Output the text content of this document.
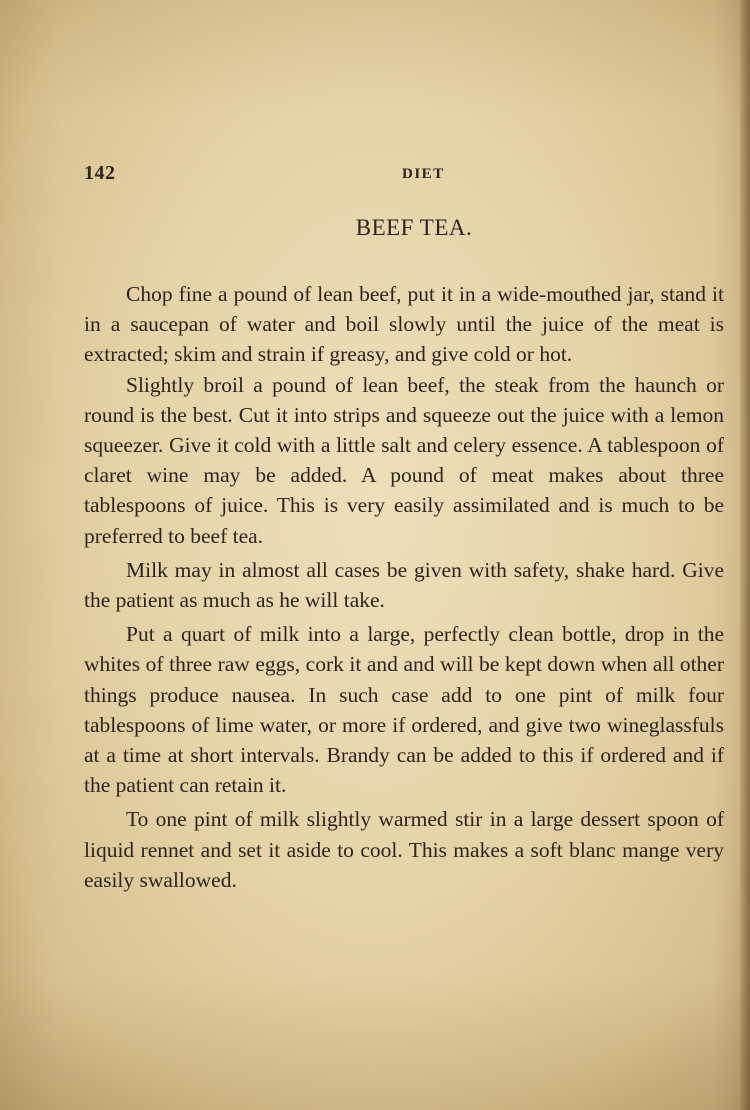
142	DIET
BEEF TEA.

Chop fine a pound of lean beef, put it in a wide-mouthed jar, stand it in a saucepan of water and boil slowly until the juice of the meat is extracted; skim and strain if greasy, and give cold or hot.

Slightly broil a pound of lean beef, the steak from the haunch or round is the best. Cut it into strips and squeeze out the juice with a lemon squeezer. Give it cold with a little salt and celery essence. A tablespoon of claret wine may be added. A pound of meat makes about three tablespoons of juice. This is very easily assimilated and is much to be preferred to beef tea.

Milk may in almost all cases be given with safety, shake hard. Give the patient as much as he will take.

Put a quart of milk into a large, perfectly clean bottle, drop in the whites of three raw eggs, cork it and and will be kept down when all other things produce nausea. In such case add to one pint of milk four tablespoons of lime water, or more if ordered, and give two wineglassfuls at a time at short intervals. Brandy can be added to this if ordered and if the patient can retain it.

To one pint of milk slightly warmed stir in a large dessert spoon of liquid rennet and set it aside to cool. This makes a soft blanc mange very easily swallowed.
